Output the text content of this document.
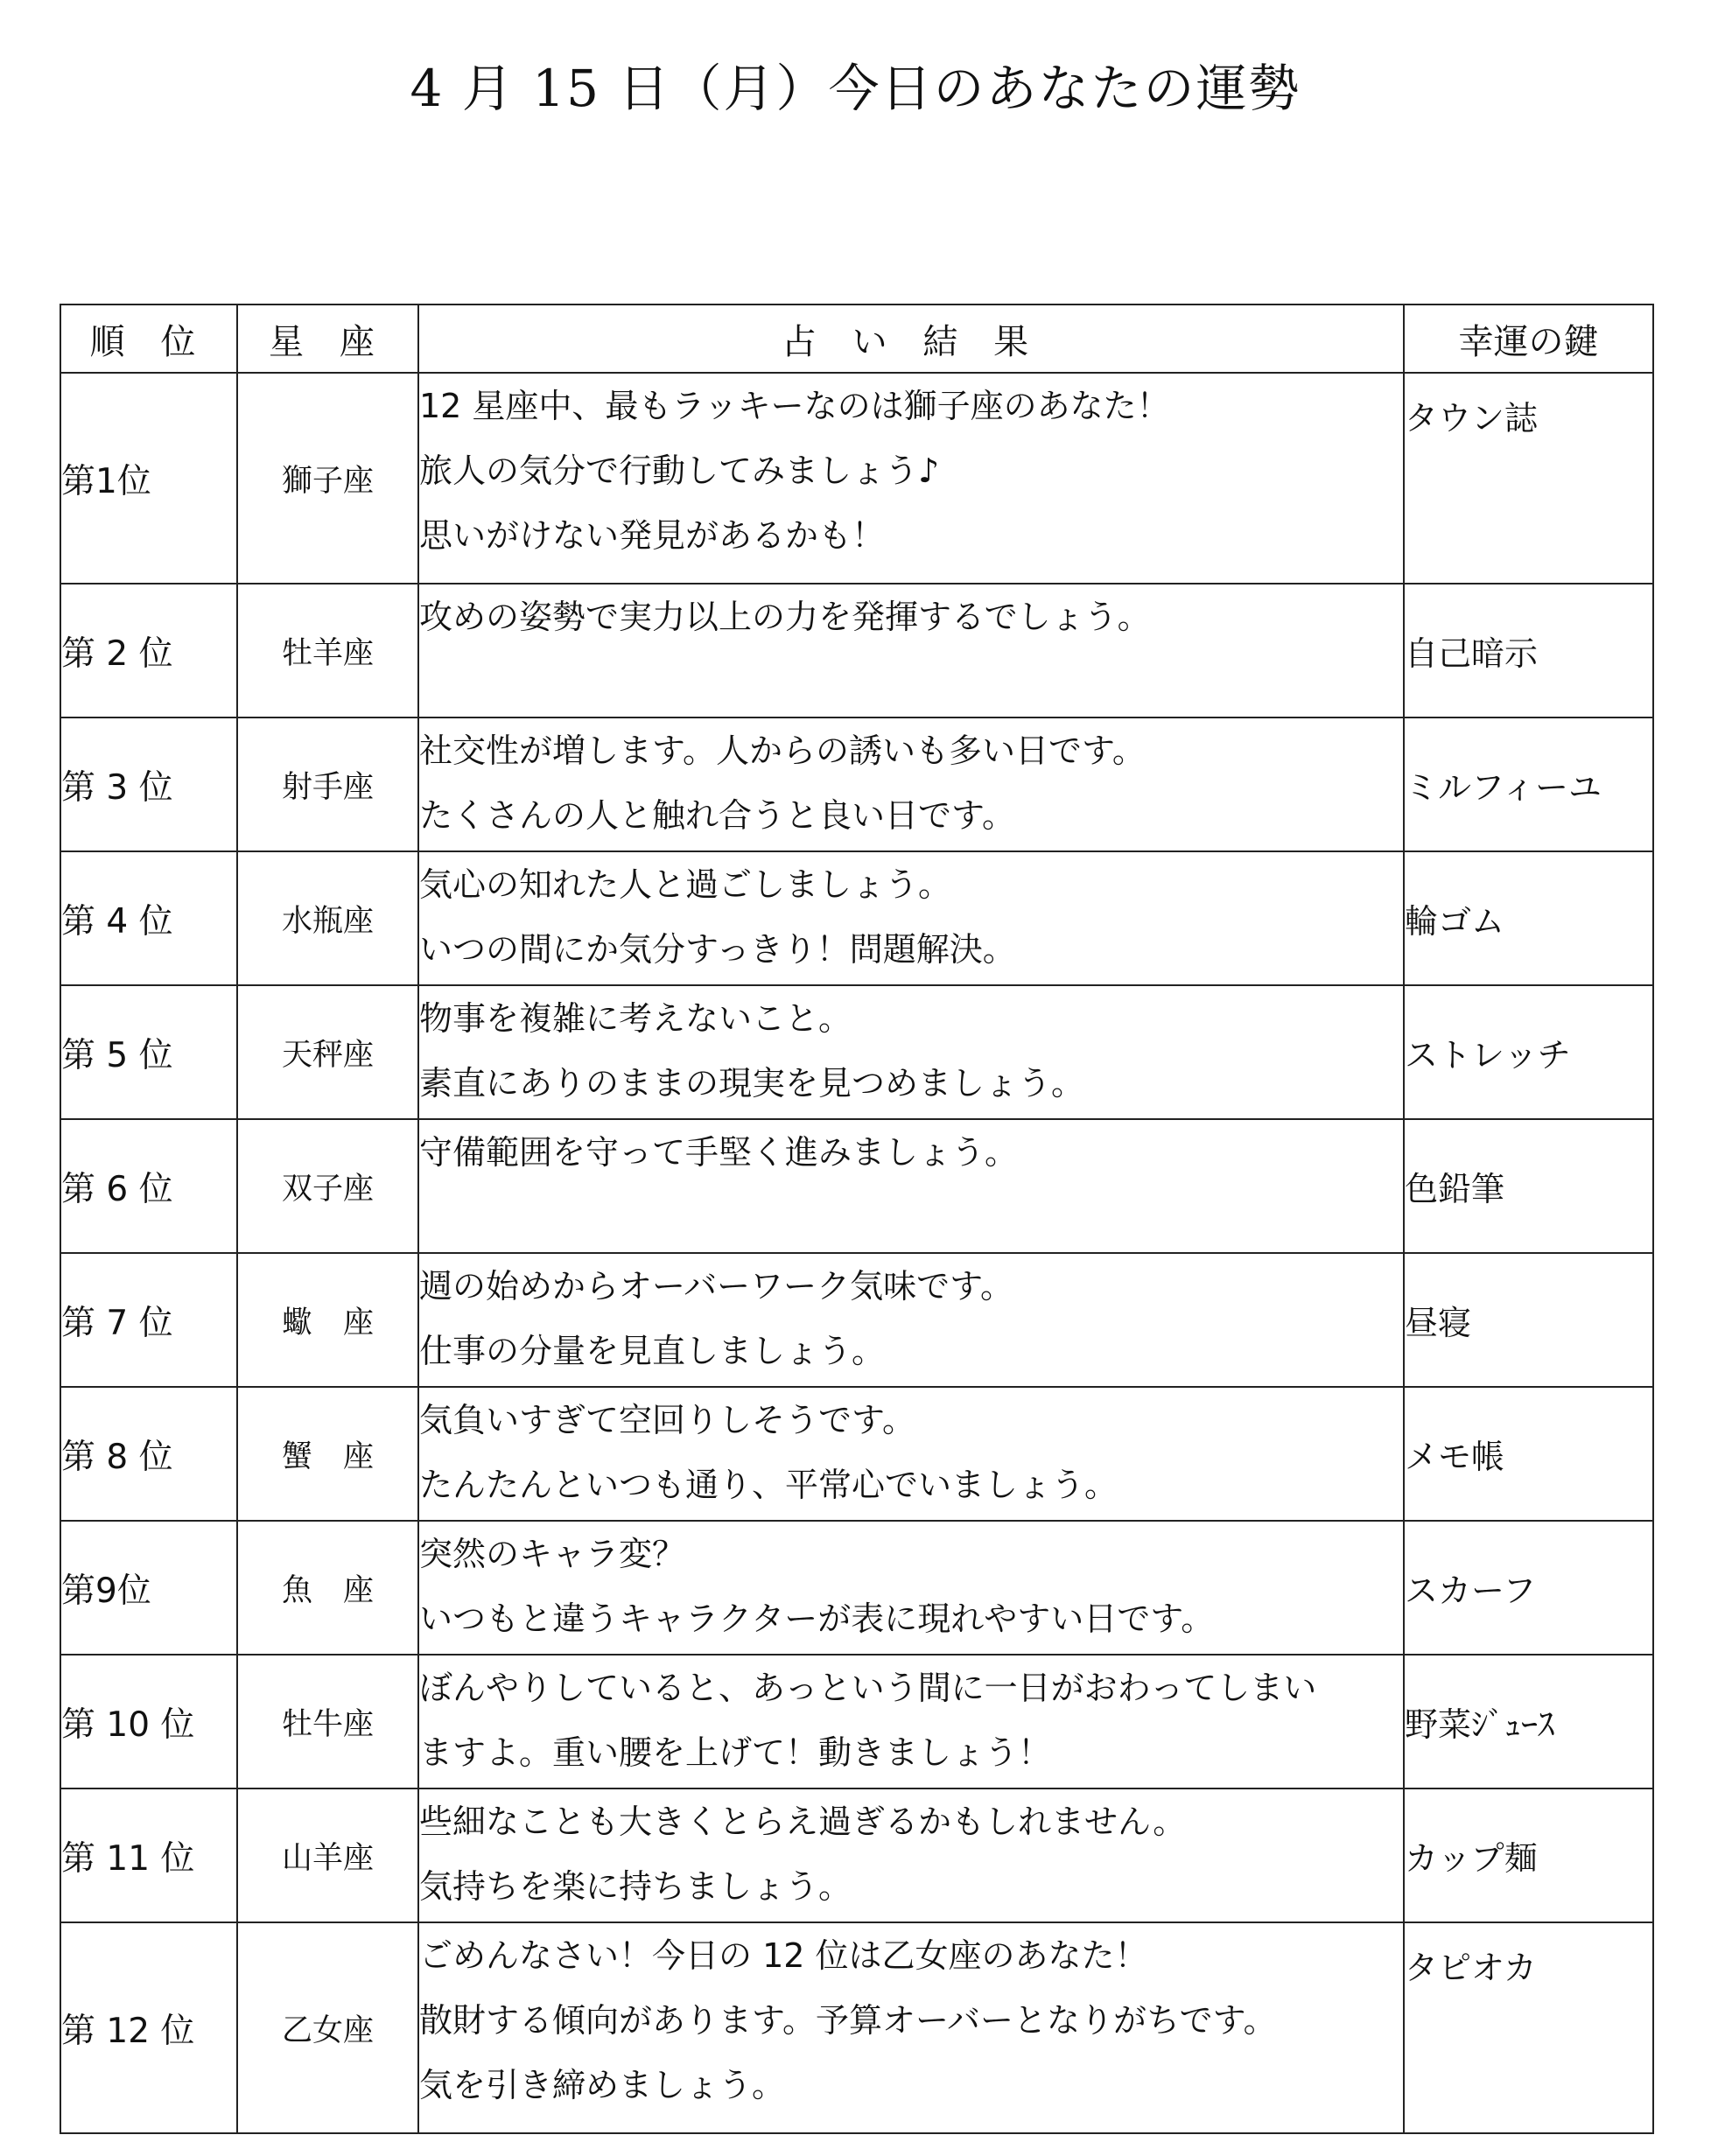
4 月 15 日（月）今日のあなたの運勢
順 位	星 座	占 い 結 果	幸運の鍵
第1位	獅子座	12 星座中、最もラッキーなのは獅子座のあなた！
旅人の気分で行動してみましょう♪
思いがけない発見があるかも！	タウン誌
第 2 位	牡羊座	攻めの姿勢で実力以上の力を発揮するでしょう。	自己暗示
第 3 位	射手座	社交性が増します。人からの誘いも多い日です。
たくさんの人と触れ合うと良い日です。	ミルフィーユ
第 4 位	水瓶座	気心の知れた人と過ごしましょう。
いつの間にか気分すっきり！問題解決。	輪ゴム
第 5 位	天秤座	物事を複雑に考えないこと。
素直にありのままの現実を見つめましょう。	ストレッチ
第 6 位	双子座	守備範囲を守って手堅く進みましょう。	色鉛筆
第 7 位	蠍　座	週の始めからオーバーワーク気味です。
仕事の分量を見直しましょう。	昼寝
第 8 位	蟹　座	気負いすぎて空回りしそうです。
たんたんといつも通り、平常心でいましょう。	メモ帳
第9位	魚　座	突然のキャラ変？
いつもと違うキャラクターが表に現れやすい日です。	スカーフ
第 10 位	牡牛座	ぼんやりしていると、あっという間に一日がおわってしまい
ますよ。重い腰を上げて！動きましょう！	野菜ｼﾞｭｰｽ
第 11 位	山羊座	些細なことも大きくとらえ過ぎるかもしれません。
気持ちを楽に持ちましょう。	カップ麺
第 12 位	乙女座	ごめんなさい！今日の 12 位は乙女座のあなた！
散財する傾向があります。予算オーバーとなりがちです。
気を引き締めましょう。	タピオカ
